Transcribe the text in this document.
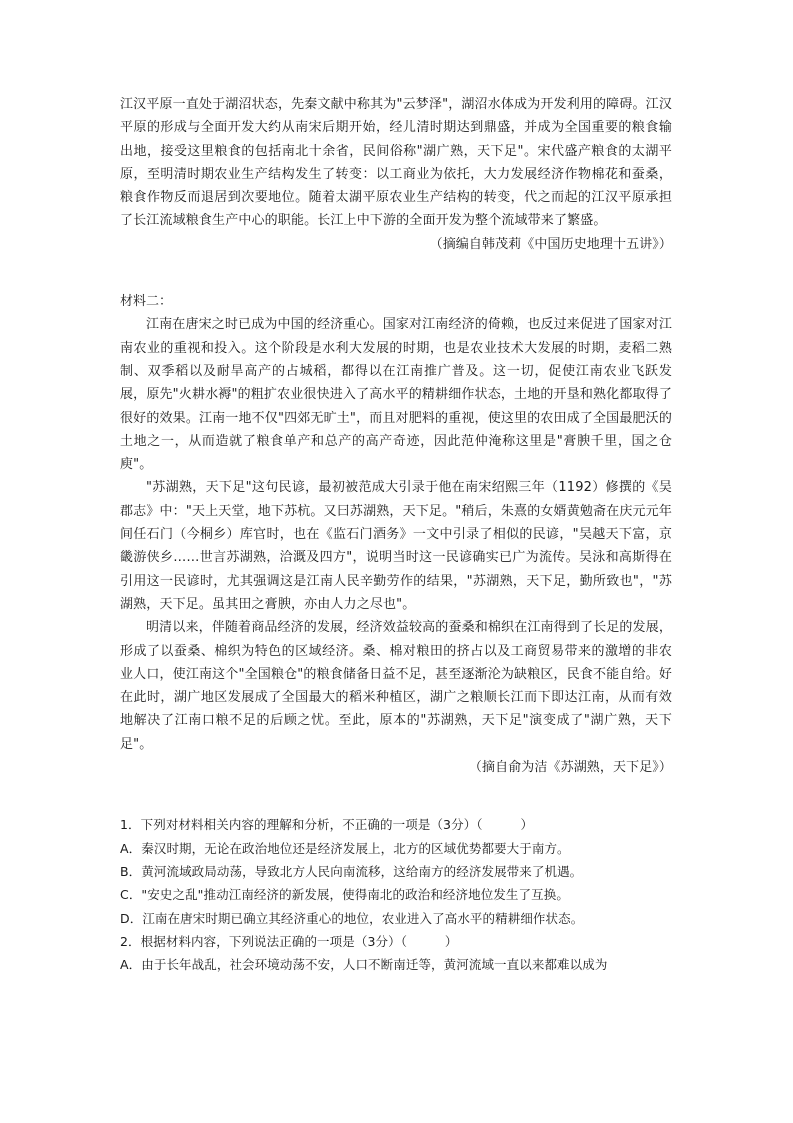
江汉平原一直处于湖沼状态，先秦文献中称其为"云梦泽"，湖沼水体成为开发利用的障碍。江汉平原的形成与全面开发大约从南宋后期开始，经儿清时期达到鼎盛，并成为全国重要的粮食输出地，接受这里粮食的包括南北十余省，民间俗称"湖广熟，天下足"。宋代盛产粮食的太湖平原，至明清时期农业生产结构发生了转变：以工商业为依托，大力发展经济作物棉花和蚕桑，粮食作物反而退居到次要地位。随着太湖平原农业生产结构的转变，代之而起的江汉平原承担了长江流域粮食生产中心的职能。长江上中下游的全面开发为整个流域带来了繁盛。

（摘编自韩茂莉《中国历史地理十五讲》）

材料二：

江南在唐宋之时已成为中国的经济重心。国家对江南经济的倚赖，也反过来促进了国家对江南农业的重视和投入。这个阶段是水利大发展的时期，也是农业技术大发展的时期，麦稻二熟制、双季稻以及耐旱高产的占城稻，都得以在江南推广普及。这一切，促使江南农业飞跃发展，原先"火耕水褥"的粗扩农业很快进入了高水平的精耕细作状态，土地的开垦和熟化都取得了很好的效果。江南一地不仅"四郊无旷土"，而且对肥料的重视，使这里的农田成了全国最肥沃的土地之一，从而造就了粮食单产和总产的高产奇迹，因此范仲淹称这里是"膏腴千里，国之仓庾"。

"苏湖熟，天下足"这句民谚，最初被范成大引录于他在南宋绍熙三年（1192）修撰的《吴郡志》中："天上天堂，地下苏杭。又曰苏湖熟，天下足。"稍后，朱熹的女婿黄勉斋在庆元元年间任石门（今桐乡）库官时，也在《监石门酒务》一文中引录了相似的民谚，"吴越天下富，京畿游侠乡……世言苏湖熟，洽溉及四方"，说明当时这一民谚确实已广为流传。吴泳和高斯得在引用这一民谚时，尤其强调这是江南人民辛勤劳作的结果，"苏湖熟，天下足，勤所致也"，"苏湖熟，天下足。虽其田之膏腴，亦由人力之尽也"。

明清以来，伴随着商品经济的发展，经济效益较高的蚕桑和棉织在江南得到了长足的发展，形成了以蚕桑、棉织为特色的区域经济。桑、棉对粮田的挤占以及工商贸易带来的激增的非农业人口，使江南这个"全国粮仓"的粮食储备日益不足，甚至逐渐沦为缺粮区，民食不能自给。好在此时，湖广地区发展成了全国最大的稻米种植区，湖广之粮顺长江而下即达江南，从而有效地解决了江南口粮不足的后顾之忧。至此，原本的"苏湖熟，天下足"演变成了"湖广熟，天下足"。

（摘自俞为洁《苏湖熟，天下足》）

1．下列对材料相关内容的理解和分析，不正确的一项是（3分）（　　　）

A．秦汉时期，无论在政治地位还是经济发展上，北方的区域优势都要大于南方。

B．黄河流域政局动荡，导致北方人民向南流移，这给南方的经济发展带来了机遇。

C．"安史之乱"推动江南经济的新发展，使得南北的政治和经济地位发生了互换。

D．江南在唐宋时期已确立其经济重心的地位，农业进入了高水平的精耕细作状态。

2．根据材料内容，下列说法正确的一项是（3分）（　　　）

A．由于长年战乱，社会环境动荡不安，人口不断南迁等，黄河流域一直以来都难以成为
